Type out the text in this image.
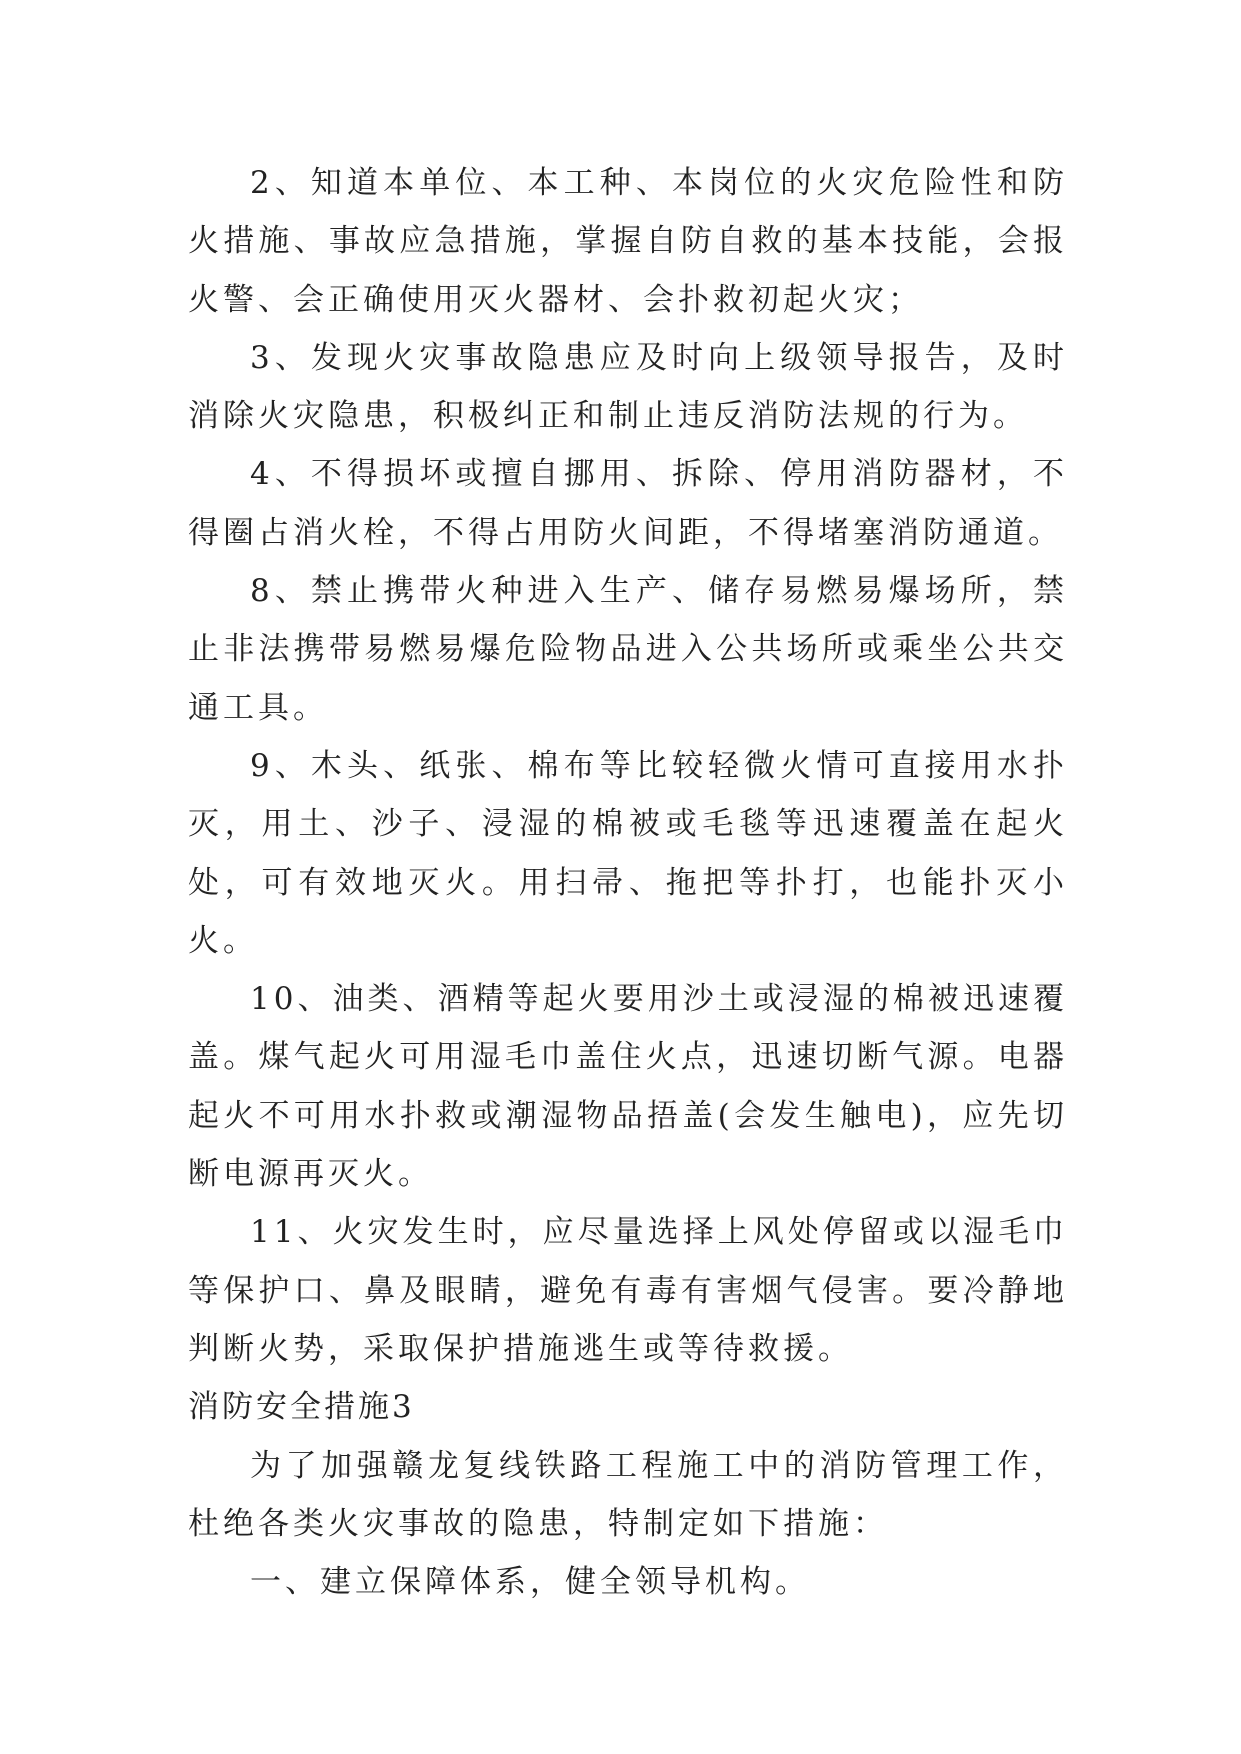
2、知道本单位、本工种、本岗位的火灾危险性和防火措施、事故应急措施，掌握自防自救的基本技能，会报火警、会正确使用灭火器材、会扑救初起火灾；

3、发现火灾事故隐患应及时向上级领导报告，及时消除火灾隐患，积极纠正和制止违反消防法规的行为。

4、不得损坏或擅自挪用、拆除、停用消防器材，不得圈占消火栓，不得占用防火间距，不得堵塞消防通道。

8、禁止携带火种进入生产、储存易燃易爆场所，禁止非法携带易燃易爆危险物品进入公共场所或乘坐公共交通工具。

9、木头、纸张、棉布等比较轻微火情可直接用水扑灭，用土、沙子、浸湿的棉被或毛毯等迅速覆盖在起火处，可有效地灭火。用扫帚、拖把等扑打，也能扑灭小火。

10、油类、酒精等起火要用沙土或浸湿的棉被迅速覆盖。煤气起火可用湿毛巾盖住火点，迅速切断气源。电器起火不可用水扑救或潮湿物品捂盖(会发生触电)，应先切断电源再灭火。

11、火灾发生时，应尽量选择上风处停留或以湿毛巾等保护口、鼻及眼睛，避免有毒有害烟气侵害。要冷静地判断火势，采取保护措施逃生或等待救援。

消防安全措施3

为了加强赣龙复线铁路工程施工中的消防管理工作，杜绝各类火灾事故的隐患，特制定如下措施：

一、建立保障体系，健全领导机构。
